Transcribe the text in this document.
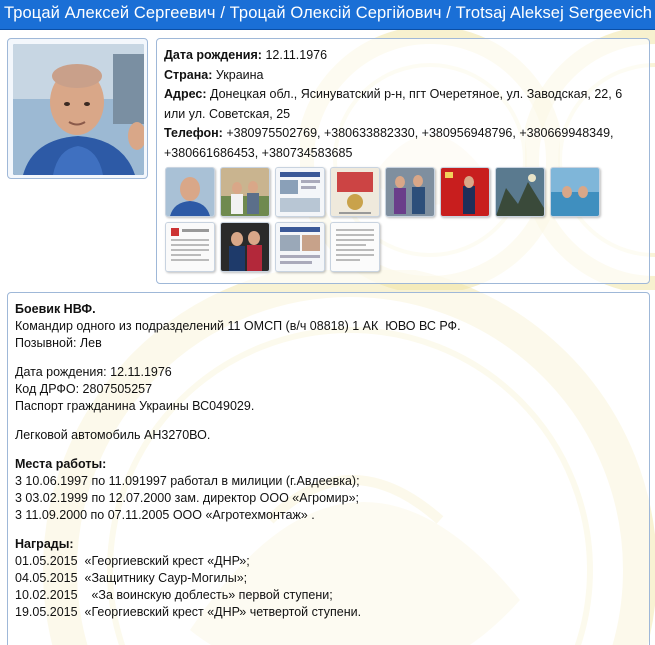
Троцай Алексей Сергеевич / Троцай Олексій Сергійович / Trotsaj Aleksej Sergeevich
Дата рождения: 12.11.1976
Страна: Украина
Адрес: Донецкая обл., Ясинуватский р-н, пгт Очеретяное, ул. Заводская, 22, 6
или ул. Советская, 25
Телефон: +380975502769, +380633882330, +380956948796, +380669948349,
+380661686453, +380734583685
Боевик НВФ.
Командир одного из подразделений 11 ОМСП (в/ч 08818) 1 АК  ЮВО ВС РФ.
Позывной: Лев
Дата рождения: 12.11.1976
Код ДРФО: 2807505257
Паспорт гражданина Украины ВС049029.
Легковой автомобиль АН3270ВО.
Места работы:
3 10.06.1997 по 11.091997 работал в милиции (г.Авдеевка);
3 03.02.1999 по 12.07.2000 зам. директор ООО «Агромир»;
3 11.09.2000 по 07.11.2005 ООО «Агротехмонтаж» .
Награды:
01.05.2015  «Георгиевский крест «ДНР»;
04.05.2015  «Защитнику Саур-Могилы»;
10.02.2015    «За воинскую доблесть» первой ступени;
19.05.2015  «Георгиевский крест «ДНР» четвертой ступени.
